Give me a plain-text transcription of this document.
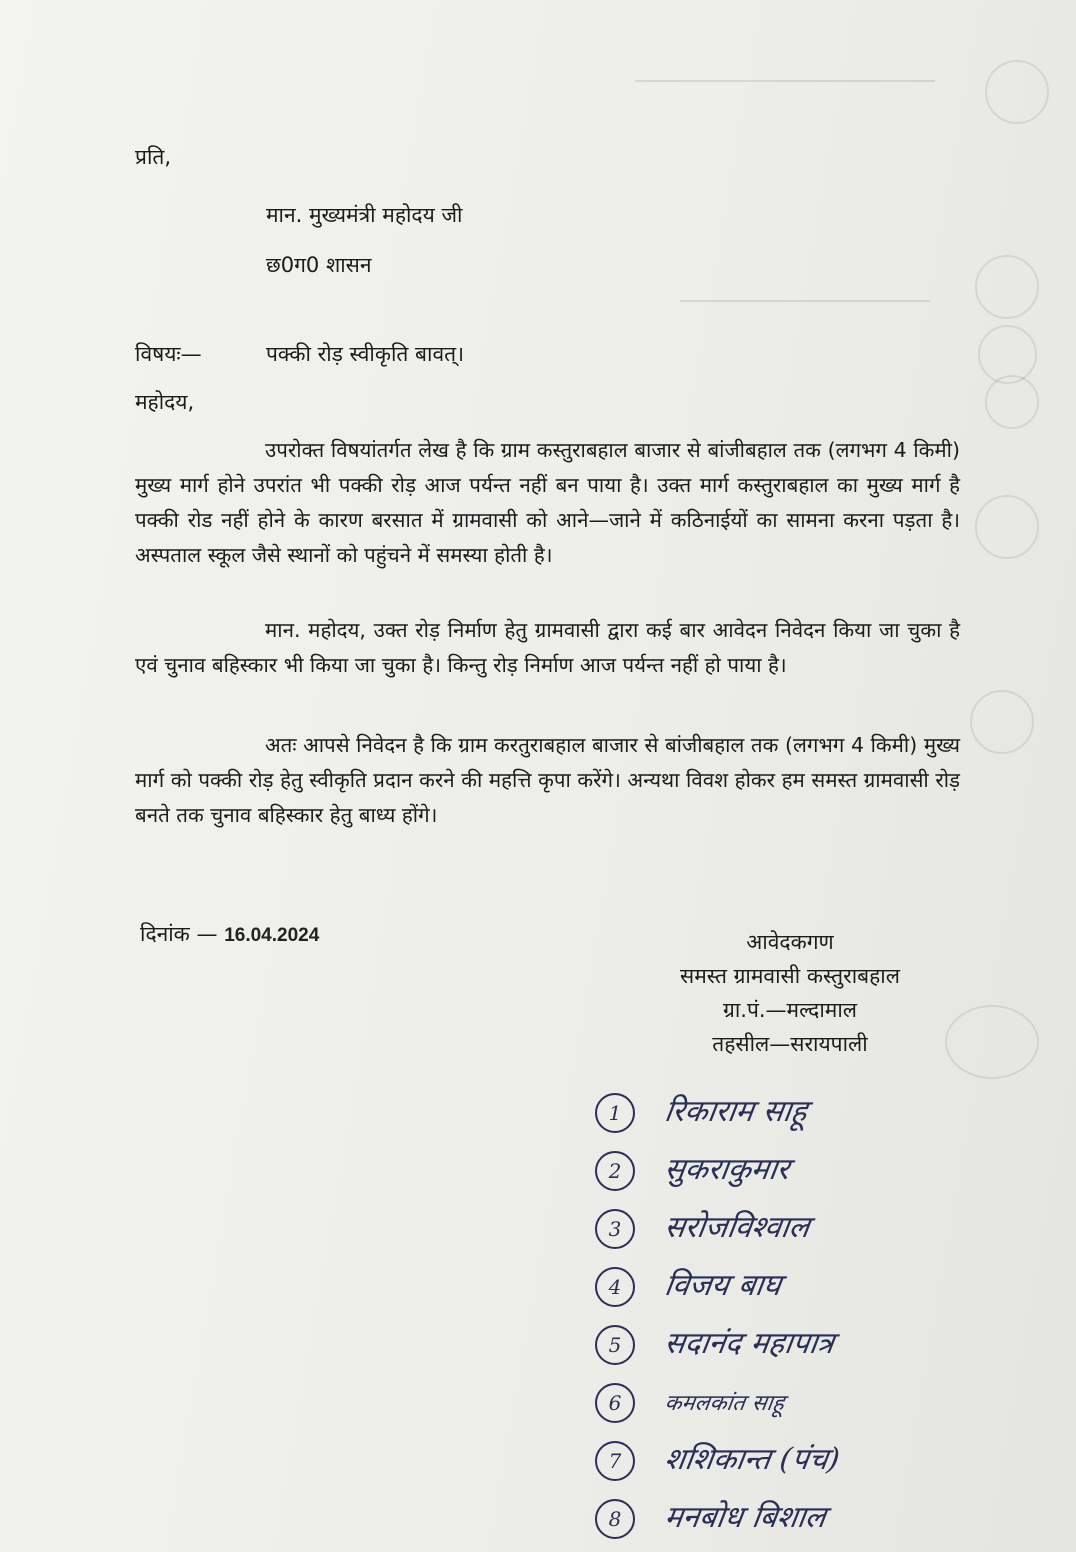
प्रति,
मान. मुख्यमंत्री महोदय जी
छ0ग0 शासन
विषयः—	पक्की रोड़ स्वीकृति बावत्।
महोदय,

उपरोक्त विषयांतर्गत लेख है कि ग्राम कस्तुराबहाल बाजार से बांजीबहाल तक (लगभग 4 किमी) मुख्य मार्ग होने उपरांत भी पक्की रोड़ आज पर्यन्त नहीं बन पाया है। उक्त मार्ग कस्तुराबहाल का मुख्य मार्ग है पक्की रोड नहीं होने के कारण बरसात में ग्रामवासी को आने—जाने में कठिनाईयों का सामना करना पड़ता है। अस्पताल स्कूल जैसे स्थानों को पहुंचने में समस्या होती है।

मान. महोदय, उक्त रोड़ निर्माण हेतु ग्रामवासी द्वारा कई बार आवेदन निवेदन किया जा चुका है एवं चुनाव बहिस्कार भी किया जा चुका है। किन्तु रोड़ निर्माण आज पर्यन्त नहीं हो पाया है।

अतः आपसे निवेदन है कि ग्राम करतुराबहाल बाजार से बांजीबहाल तक (लगभग 4 किमी) मुख्य मार्ग को पक्की रोड़ हेतु स्वीकृति प्रदान करने की महत्ति कृपा करेंगे। अन्यथा विवश होकर हम समस्त ग्रामवासी रोड़ बनते तक चुनाव बहिस्कार हेतु बाध्य होंगे।

दिनांक — 16.04.2024	आवेदकगण
समस्त ग्रामवासी कस्तुराबहाल
ग्रा.पं.—मल्दामाल
तहसील—सरायपाली
1	रिकाराम साहू
2	सुकराकुमार
3	सरोजविश्वाल
4	विजय बाघ
5	सदानंद महापात्र
6	कमलकांत साहू
7	शशिकान्त (पंच)
8	मनबोध बिशाल
